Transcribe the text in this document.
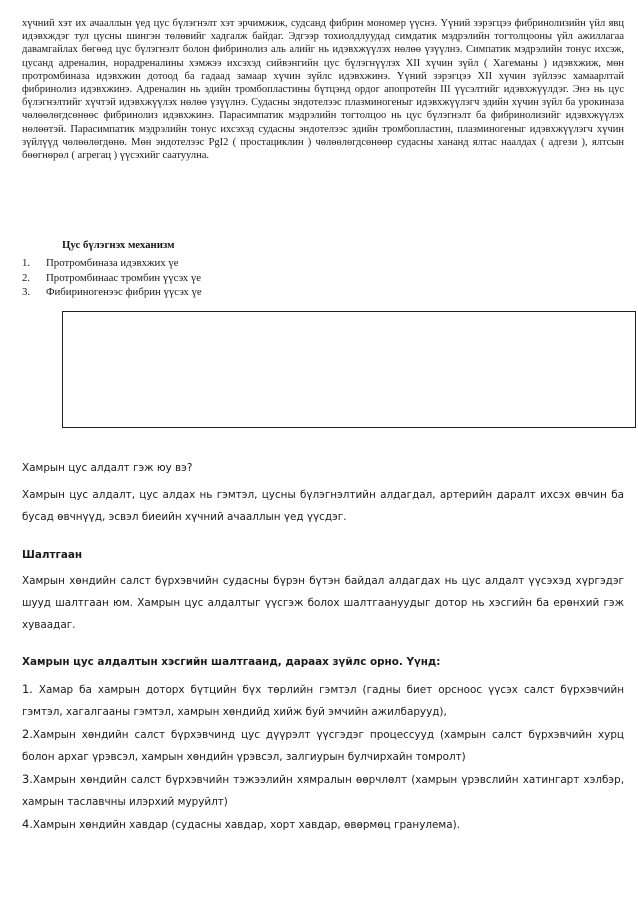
хүчний хэт их ачааллын үед цус бүлэгнэлт хэт эрчимжиж, судсанд фибрин мономер үүснэ. Үүний зэрэгцээ фибринолизийн үйл явц идэвхждэг тул цусны шингэн төлөвийг хадгалж байдаг. Эдгээр тохиолдлуудад симдатик мэдрэлийн тогтолцооны үйл ажиллагаа давамгайлах бөгөөд цус бүлэгнэлт болон фибринолиз аль алийг нь идэвхжүүлэх нөлөө үзүүлнэ. Симпатик мэдрэлийн тонус ихсэж, цусанд адреналин, норадреналины хэмжээ ихсэхэд сийвэнгийн цус бүлэгнүүлэх XII хүчин зүйл ( Хагеманы ) идэвхжиж, мөн протромбиназа идэвхжин дотоод ба гадаад замаар хүчин зүйлс идэвхжинэ. Үүний зэрэгцээ XII хүчин зүйлээс хамаарлтай фибринолиз идэвхжинэ. Адреналин нь эдийн тромбопластины бүтцэнд ордог апопротейн III үүсэлтийг идэвхжүүлдэг. Энэ нь цус бүлэгнэлтийг хүчтэй идэвхжүүлэх нөлөө үзүүлнэ. Судасны эндотелээс плазминогеныг идэвхжүүлэгч эдийн хүчин зүйл ба урокиназа чөлөөлөгдсөнөөс фибринолиз идэвхжинэ. Парасимпатик мэдрэлийн тогтолцоо нь цус бүлэгнэлт ба фибринолизийг идэвхжүүлэх нөлөөтэй. Парасимпатик мэдрэлийн тонус ихсэхэд судасны эндотелээс эдийн тромбопластин, плазминогеныг идэвхжүүлэгч хүчин зүйлүүд чөлөөлөгдөнө. Мөн эндотелээс PgI2 ( простациклин ) чөлөөлөгдсөнөөр судасны хананд ялтас наалдах ( адгези ), ялтсын бөөгнөрөл ( агрегац ) үүсэхийг саатуулна.

Цус бүлэгнэх механизм
1.	Протромбиназа идэвхжих үе
2.	Протромбинаас тромбин үүсэх үе
3.	Фибириногенээс фибрин үүсэх үе

Хамрын цус алдалт гэж юу вэ?

Хамрын цус алдалт, цус алдах нь гэмтэл, цусны бүлэгнэлтийн алдагдал, артерийн даралт ихсэх өвчин ба бусад өвчнүүд, эсвэл биеийн хүчний ачааллын үед үүсдэг.

Шалтгаан

Хамрын хөндийн салст бүрхэвчийн судасны бүрэн бүтэн байдал алдагдах нь цус алдалт үүсэхэд хүргэдэг шууд шалтгаан юм. Хамрын цус алдалтыг үүсгэж болох шалтгаануудыг дотор нь хэсгийн ба ерөнхий гэж хуваадаг.

Хамрын цус алдалтын хэсгийн шалтгаанд, дараах зүйлс орно. Үүнд:

1. Хамар ба хамрын доторх бүтцийн бүх төрлийн гэмтэл (гадны биет орсноос үүсэх салст бүрхэвчийн гэмтэл, хагалгааны гэмтэл, хамрын хөндийд хийж буй эмчийн ажилбарууд),
2.Хамрын хөндийн салст бүрхэвчинд цус дүүрэлт үүсгэдэг процессууд (хамрын салст бүрхэвчийн хурц болон архаг үрэвсэл, хамрын хөндийн үрэвсэл, залгиурын булчирхайн томролт)
3.Хамрын хөндийн салст бүрхэвчийн тэжээлийн хямралын өөрчлөлт (хамрын үрэвслийн хатингарт хэлбэр, хамрын таславчны илэрхий муруйлт)
4.Хамрын хөндийн хавдар (судасны хавдар, хорт хавдар, өвөрмөц гранулема).
